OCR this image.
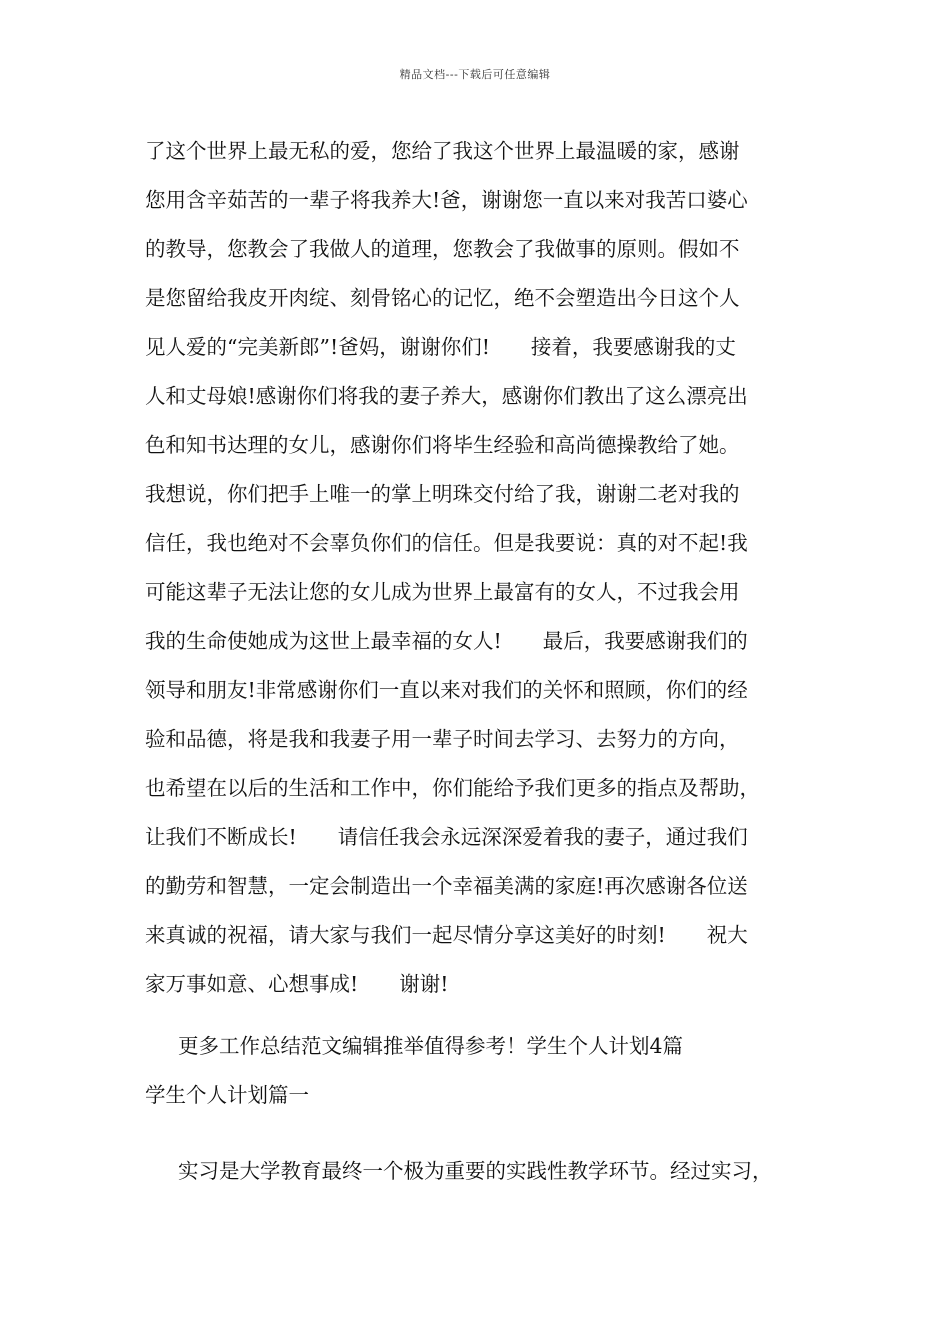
精品文档---下载后可任意编辑
了这个世界上最无私的爱，您给了我这个世界上最温暖的家，感谢
您用含辛茹苦的一辈子将我养大!爸，谢谢您一直以来对我苦口婆心
的教导，您教会了我做人的道理，您教会了我做事的原则。假如不
是您留给我皮开肉绽、刻骨铭心的记忆，绝不会塑造出今日这个人
见人爱的“完美新郎”!爸妈，谢谢你们!　　接着，我要感谢我的丈
人和丈母娘!感谢你们将我的妻子养大，感谢你们教出了这么漂亮出
色和知书达理的女儿，感谢你们将毕生经验和高尚德操教给了她。
我想说，你们把手上唯一的掌上明珠交付给了我，谢谢二老对我的
信任，我也绝对不会辜负你们的信任。但是我要说：真的对不起!我
可能这辈子无法让您的女儿成为世界上最富有的女人，不过我会用
我的生命使她成为这世上最幸福的女人!　　最后，我要感谢我们的
领导和朋友!非常感谢你们一直以来对我们的关怀和照顾，你们的经
验和品德，将是我和我妻子用一辈子时间去学习、去努力的方向，
也希望在以后的生活和工作中，你们能给予我们更多的指点及帮助，
让我们不断成长!　　请信任我会永远深深爱着我的妻子，通过我们
的勤劳和智慧，一定会制造出一个幸福美满的家庭!再次感谢各位送
来真诚的祝福，请大家与我们一起尽情分享这美好的时刻!　　祝大
家万事如意、心想事成!　　谢谢!
更多工作总结范文编辑推举值得参考！学生个人计划4篇
学生个人计划篇一
实习是大学教育最终一个极为重要的实践性教学环节。经过实习，
